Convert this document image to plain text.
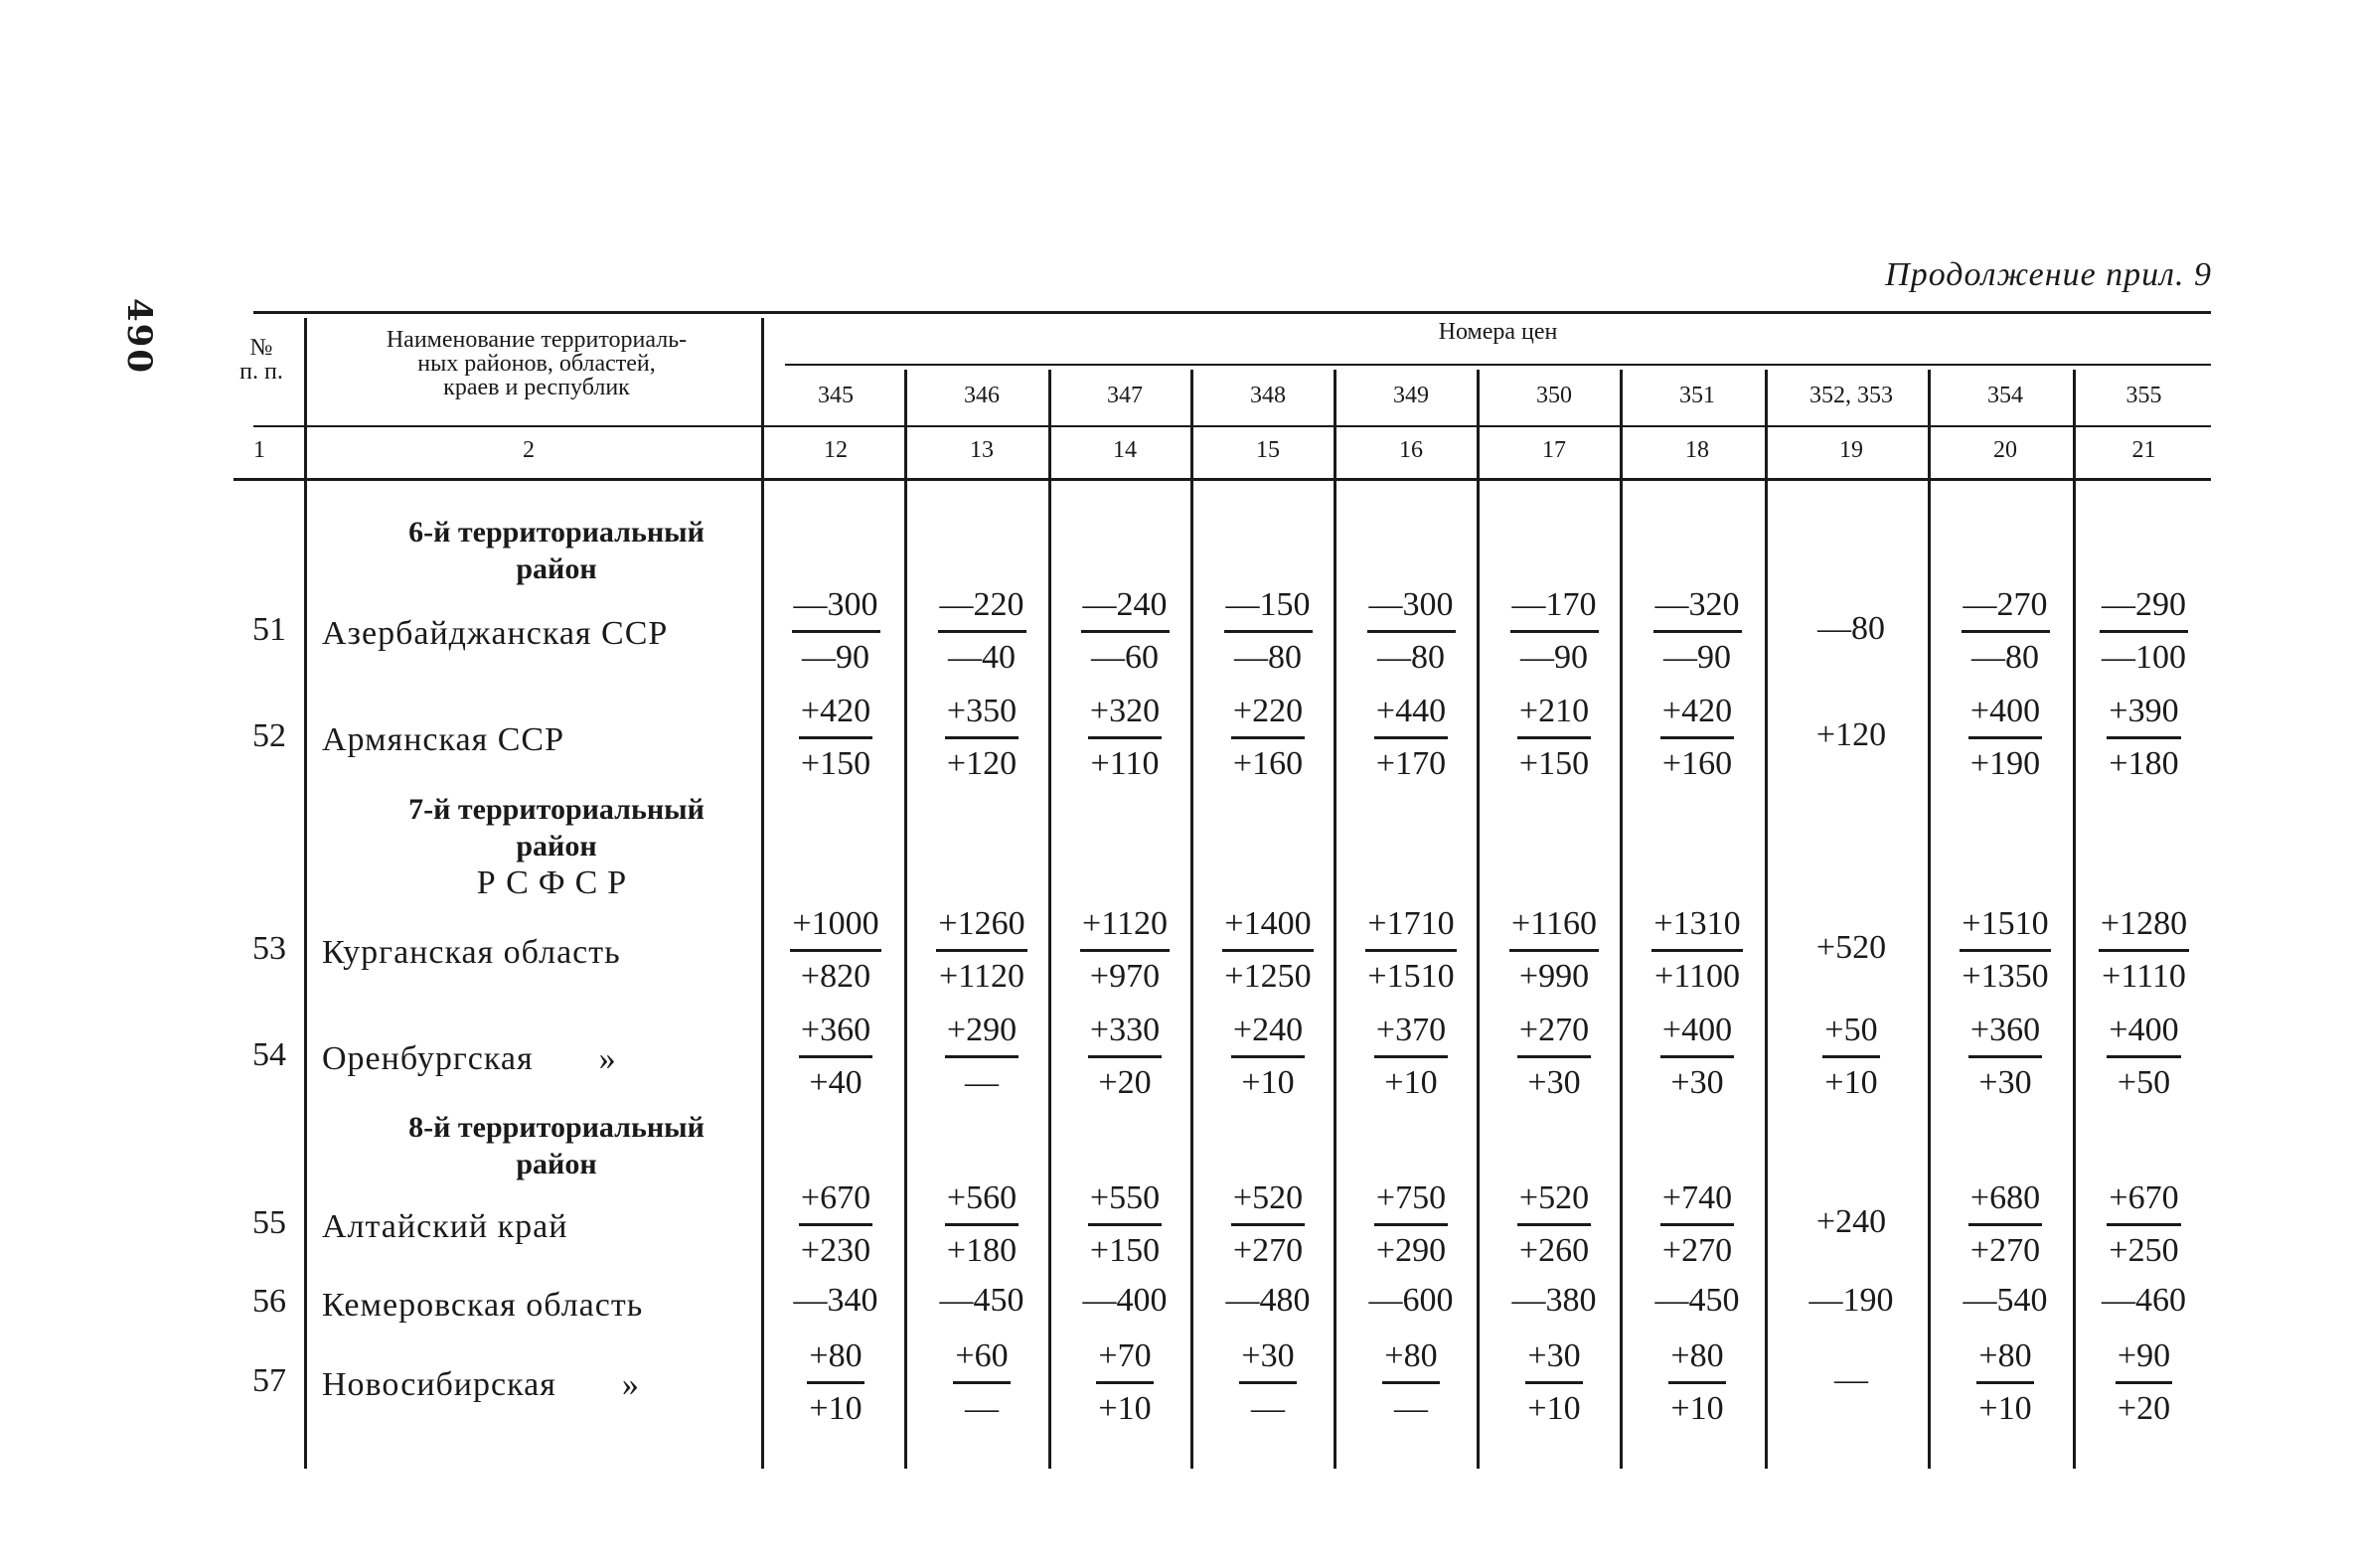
490
Продолжение прил. 9
№
п. п.
Наименование территориаль-
ных районов, областей,
краев и республик
Номера цен
345	346	347	348	349	350	351	352, 353	354	355
1	2	12	13	14	15	16	17	18	19	20	21
6-й территориальный
район
7-й территориальный
район
РСФСР
8-й территориальный
район
51 Азербайджанская ССР	$\frac{—300}{—90} \frac{—220}{—40} \frac{—240}{—60} \frac{—150}{—80} \frac{—300}{—80} \frac{—170}{—90} \frac{—320}{—90}$	—80	$\frac{—270}{—80} \frac{—290}{—100}$
52 Армянская ССР	$\frac{+420}{+150} \frac{+350}{+120} \frac{+320}{+110} \frac{+220}{+160} \frac{+440}{+170} \frac{+210}{+150} \frac{+420}{+160}$	+120	$\frac{+400}{+190} \frac{+390}{+180}$
53 Курганская область	$\frac{+1000}{+820} \frac{+1260}{+1120} \frac{+1120}{+970} \frac{+1400}{+1250} \frac{+1710}{+1510} \frac{+1160}{+990} \frac{+1310}{+1100}$	+520	$\frac{+1510}{+1350} \frac{+1280}{+1110}$
54 Оренбургская »	$\frac{+360}{+40} \frac{+290}{—} \frac{+330}{+20} \frac{+240}{+10} \frac{+370}{+10} \frac{+270}{+30} \frac{+400}{+30}$	$\frac{+50}{+10}$	$\frac{+360}{+30} \frac{+400}{+50}$
55 Алтайский край	$\frac{+670}{+230} \frac{+560}{+180} \frac{+550}{+150} \frac{+520}{+270} \frac{+750}{+290} \frac{+520}{+260} \frac{+740}{+270}$	+240	$\frac{+680}{+270} \frac{+670}{+250}$
56 Кемеровская область	—340	—450	—400	—480	—600	—380	—450	—190	—540	—460
57 Новосибирская »	$\frac{+80}{+10}$	$\frac{+60}{—}$	$\frac{+70}{+10}$	$\frac{+30}{—}$	$\frac{+80}{—}$	$\frac{+30}{+10}$	$\frac{+80}{+10}$	—	$\frac{+80}{+10} \frac{+90}{+20}$
